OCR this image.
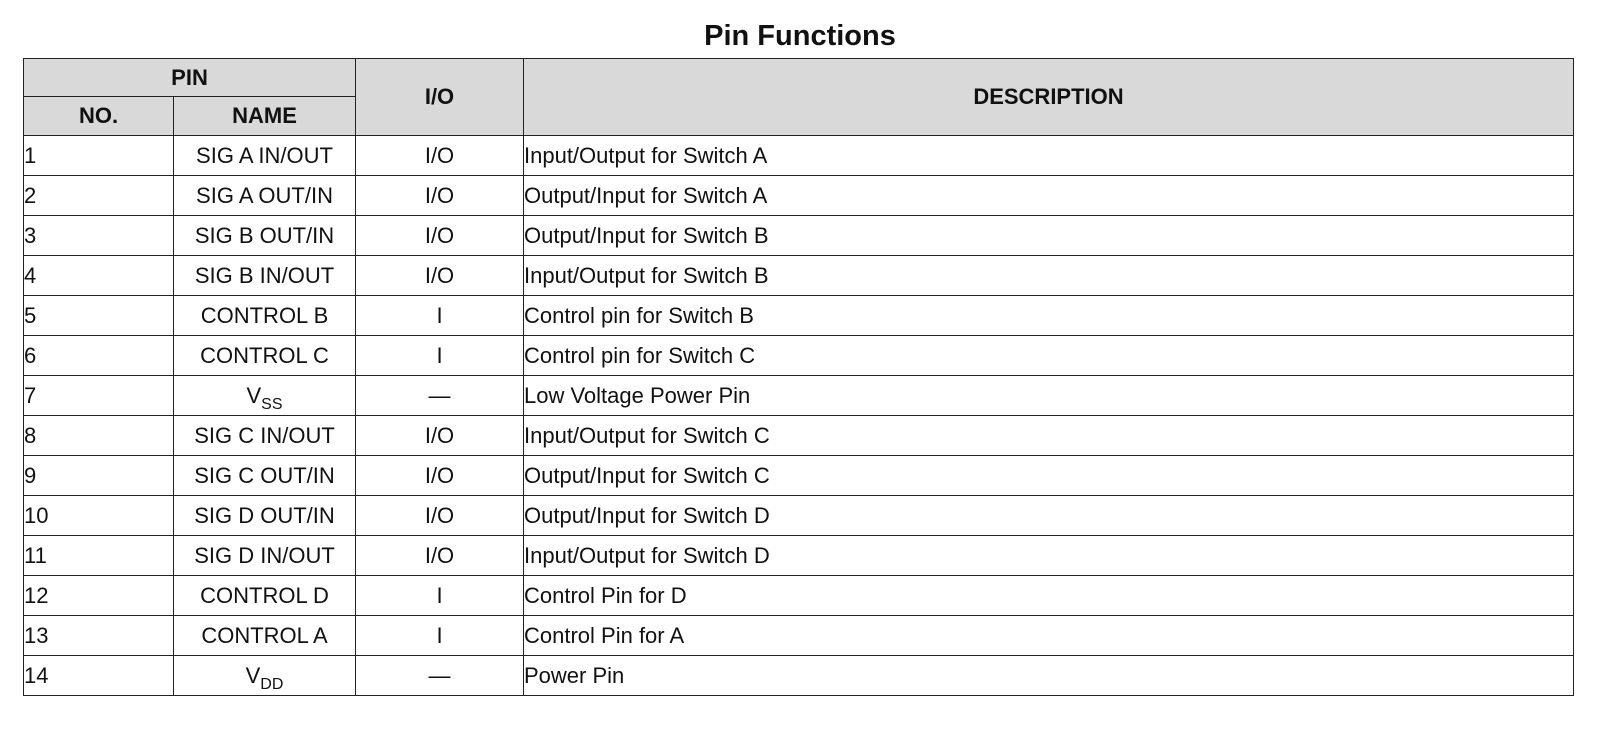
Pin Functions
PIN		I/O	DESCRIPTION
NO.	NAME		
1	SIG A IN/OUT	I/O	Input/Output for Switch A
2	SIG A OUT/IN	I/O	Output/Input for Switch A
3	SIG B OUT/IN	I/O	Output/Input for Switch B
4	SIG B IN/OUT	I/O	Input/Output for Switch B
5	CONTROL B	I	Control pin for Switch B
6	CONTROL C	I	Control pin for Switch C
7	$V_{SS}$	—	Low Voltage Power Pin
8	SIG C IN/OUT	I/O	Input/Output for Switch C
9	SIG C OUT/IN	I/O	Output/Input for Switch C
10	SIG D OUT/IN	I/O	Output/Input for Switch D
11	SIG D IN/OUT	I/O	Input/Output for Switch D
12	CONTROL D	I	Control Pin for D
13	CONTROL A	I	Control Pin for A
14	$V_{DD}$	—	Power Pin
